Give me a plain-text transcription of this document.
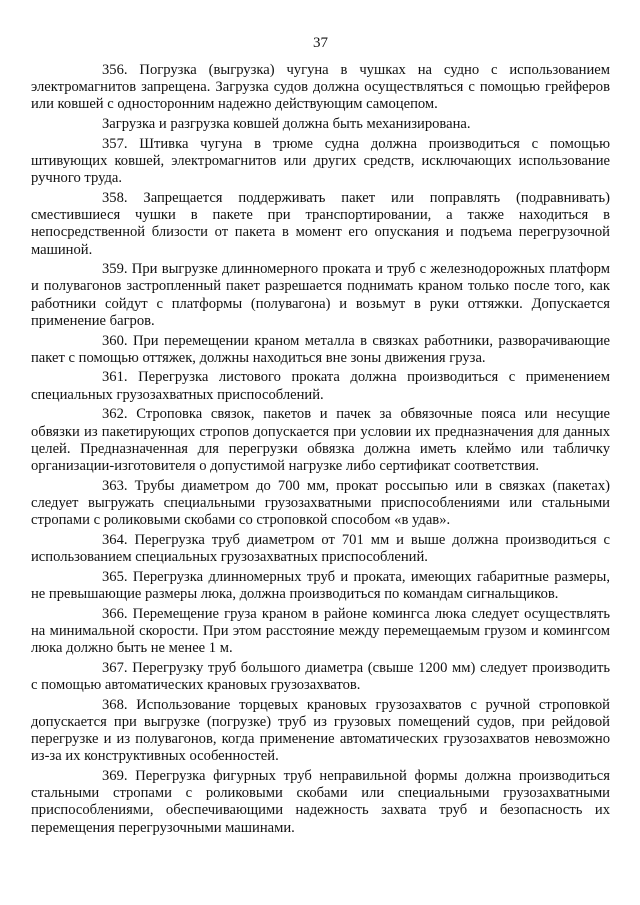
37

356. Погрузка (выгрузка) чугуна в чушках на судно с использованием электромагнитов запрещена. Загрузка судов должна осуществляться с помощью грейферов или ковшей с односторонним надежно действующим самоцепом.

Загрузка и разгрузка ковшей должна быть механизирована.

357. Штивка чугуна в трюме судна должна производиться с помощью штивующих ковшей, электромагнитов или других средств, исключающих использование ручного труда.

358. Запрещается поддерживать пакет или поправлять (подравнивать) сместившиеся чушки в пакете при транспортировании, а также находиться в непосредственной близости от пакета в момент его опускания и подъема перегрузочной машиной.

359. При выгрузке длинномерного проката и труб с железнодорожных платформ и полувагонов застропленный пакет разрешается поднимать краном только после того, как работники сойдут с платформы (полувагона) и возьмут в руки оттяжки. Допускается применение багров.

360. При перемещении краном металла в связках работники, разворачивающие пакет с помощью оттяжек, должны находиться вне зоны движения груза.

361. Перегрузка листового проката должна производиться с применением специальных грузозахватных приспособлений.

362. Строповка связок, пакетов и пачек за обвязочные пояса или несущие обвязки из пакетирующих стропов допускается при условии их предназначения для данных целей. Предназначенная для перегрузки обвязка должна иметь клеймо или табличку организации-изготовителя о допустимой нагрузке либо сертификат соответствия.

363. Трубы диаметром до 700 мм, прокат россыпью или в связках (пакетах) следует выгружать специальными грузозахватными приспособлениями или стальными стропами с роликовыми скобами со строповкой способом «в удав».

364. Перегрузка труб диаметром от 701 мм и выше должна производиться с использованием специальных грузозахватных приспособлений.

365. Перегрузка длинномерных труб и проката, имеющих габаритные размеры, не превышающие размеры люка, должна производиться по командам сигнальщиков.

366. Перемещение груза краном в районе комингса люка следует осуществлять на минимальной скорости. При этом расстояние между перемещаемым грузом и комингсом люка должно быть не менее 1 м.

367. Перегрузку труб большого диаметра (свыше 1200 мм) следует производить с помощью автоматических крановых грузозахватов.

368. Использование торцевых крановых грузозахватов с ручной строповкой допускается при выгрузке (погрузке) труб из грузовых помещений судов, при рейдовой перегрузке и из полувагонов, когда применение автоматических грузозахватов невозможно из-за их конструктивных особенностей.

369. Перегрузка фигурных труб неправильной формы должна производиться стальными стропами с роликовыми скобами или специальными грузозахватными приспособлениями, обеспечивающими надежность захвата труб и безопасность их перемещения перегрузочными машинами.
